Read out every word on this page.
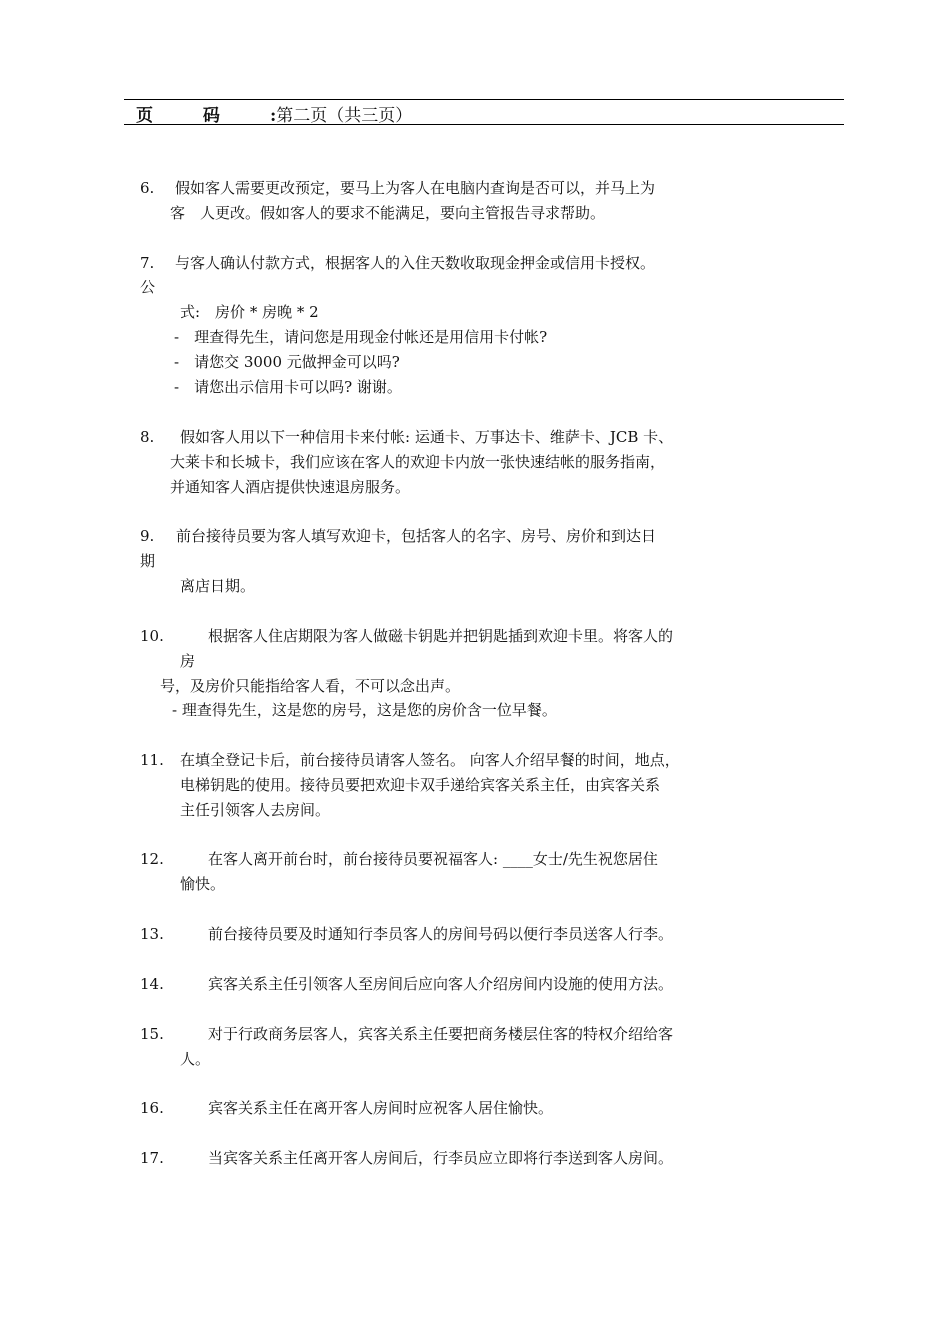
页 码 :第二页（共三页）
6. 假如客人需要更改预定，要马上为客人在电脑内查询是否可以，并马上为
客　人更改。假如客人的要求不能满足，要向主管报告寻求帮助。
7. 与客人确认付款方式，根据客人的入住天数收取现金押金或信用卡授权。
公
式:　房价 * 房晚 * 2
-　理查得先生，请问您是用现金付帐还是用信用卡付帐?
-　请您交 3000 元做押金可以吗?
-　请您出示信用卡可以吗? 谢谢。
8. 假如客人用以下一种信用卡来付帐: 运通卡、万事达卡、维萨卡、JCB 卡、
大莱卡和长城卡，我们应该在客人的欢迎卡内放一张快速结帐的服务指南，
并通知客人酒店提供快速退房服务。
9. 前台接待员要为客人填写欢迎卡，包括客人的名字、房号、房价和到达日
期
离店日期。
10.	根据客人住店期限为客人做磁卡钥匙并把钥匙插到欢迎卡里。将客人的
房
号，及房价只能指给客人看，不可以念出声。
- 理查得先生，这是您的房号，这是您的房价含一位早餐。
11. 在填全登记卡后，前台接待员请客人签名。 向客人介绍早餐的时间，地点，
电梯钥匙的使用。接待员要把欢迎卡双手递给宾客关系主任，由宾客关系
主任引领客人去房间。
12.	在客人离开前台时，前台接待员要祝福客人: ____女士/先生祝您居住
愉快。
13.	前台接待员要及时通知行李员客人的房间号码以便行李员送客人行李。
14.	宾客关系主任引领客人至房间后应向客人介绍房间内设施的使用方法。
15.	对于行政商务层客人，宾客关系主任要把商务楼层住客的特权介绍给客
人。
16.	宾客关系主任在离开客人房间时应祝客人居住愉快。
17.	当宾客关系主任离开客人房间后，行李员应立即将行李送到客人房间。
